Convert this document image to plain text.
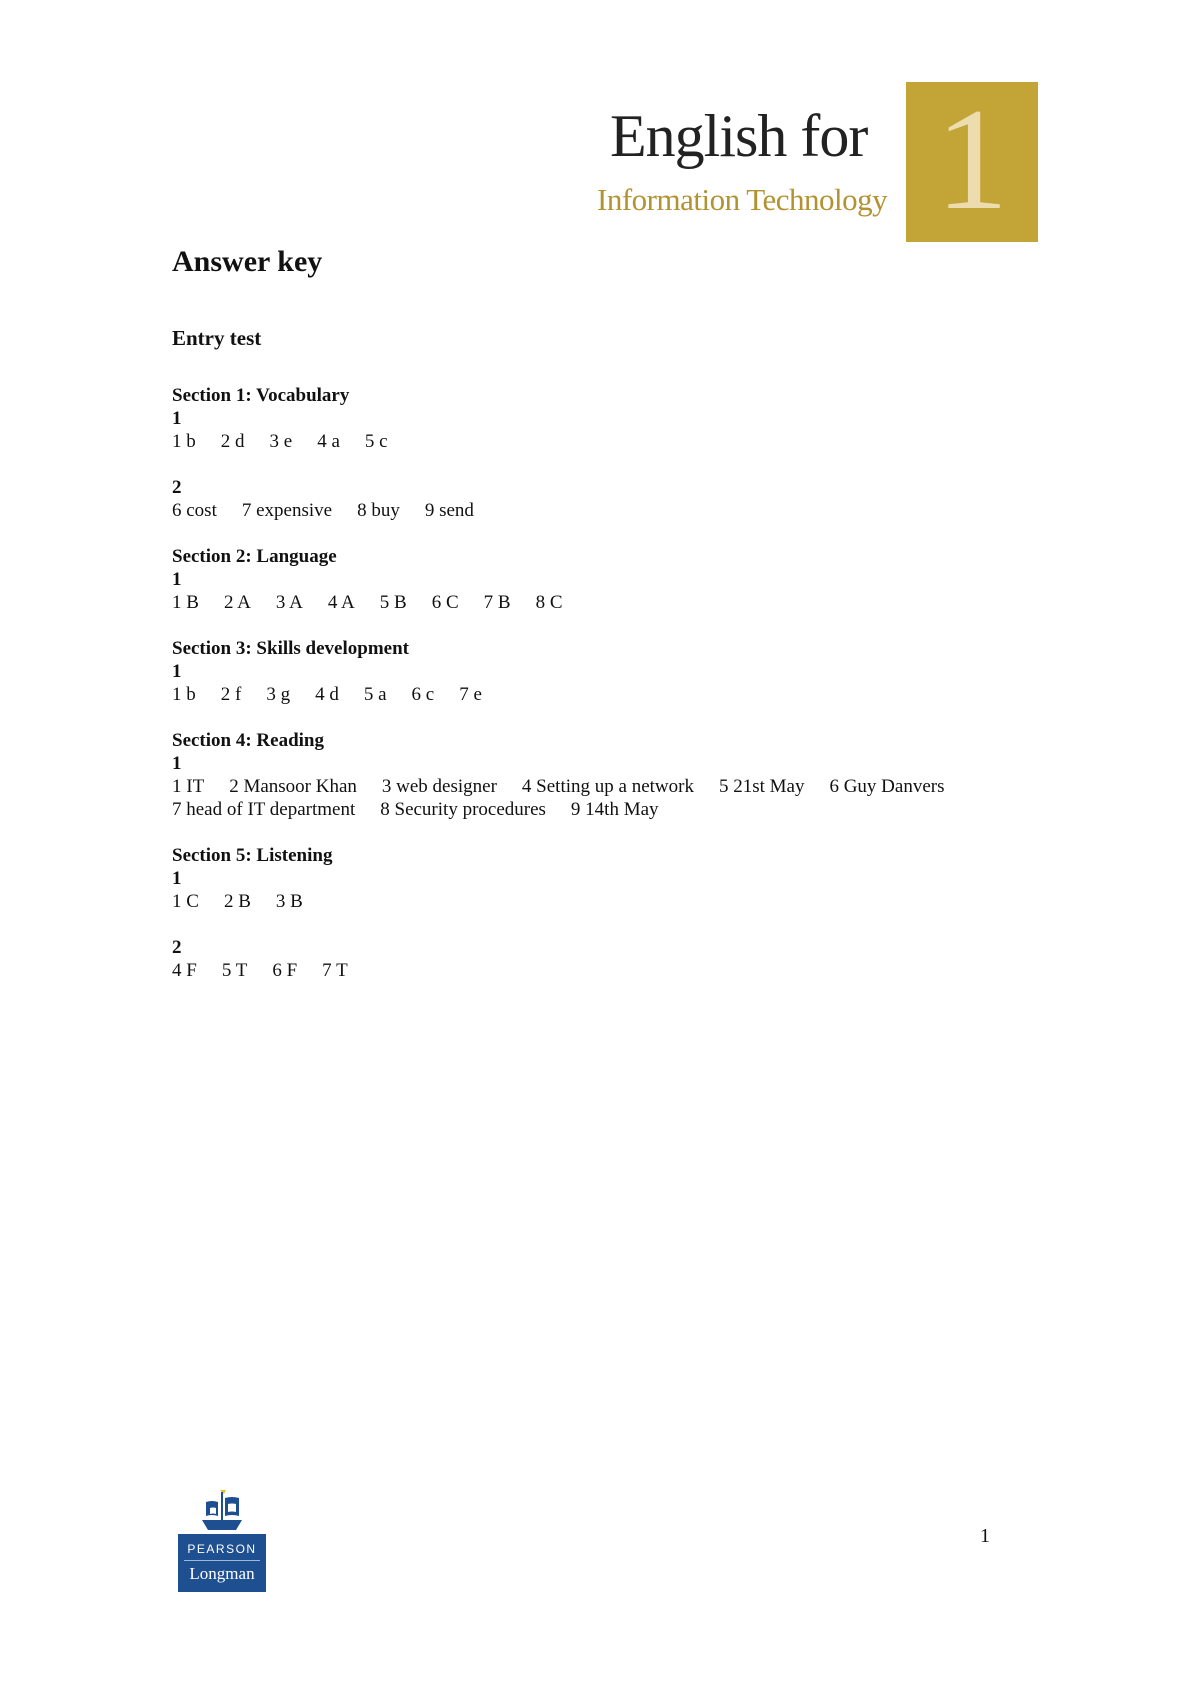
English for
Information Technology 1
Answer key
Entry test
Section 1: Vocabulary
1
1 b 2 d 3 e 4 a 5 c
2
6 cost 7 expensive 8 buy 9 send
Section 2: Language
1
1 B 2 A 3 A 4 A 5 B 6 C 7 B 8 C
Section 3: Skills development
1
1 b 2 f 3 g 4 d 5 a 6 c 7 e
Section 4: Reading
1
1 IT 2 Mansoor Khan 3 web designer 4 Setting up a network 5 21st May 6 Guy Danvers
7 head of IT department 8 Security procedures 9 14th May
Section 5: Listening
1
1 C 2 B 3 B
2
4 F 5 T 6 F 7 T
PEARSON
Longman
1
